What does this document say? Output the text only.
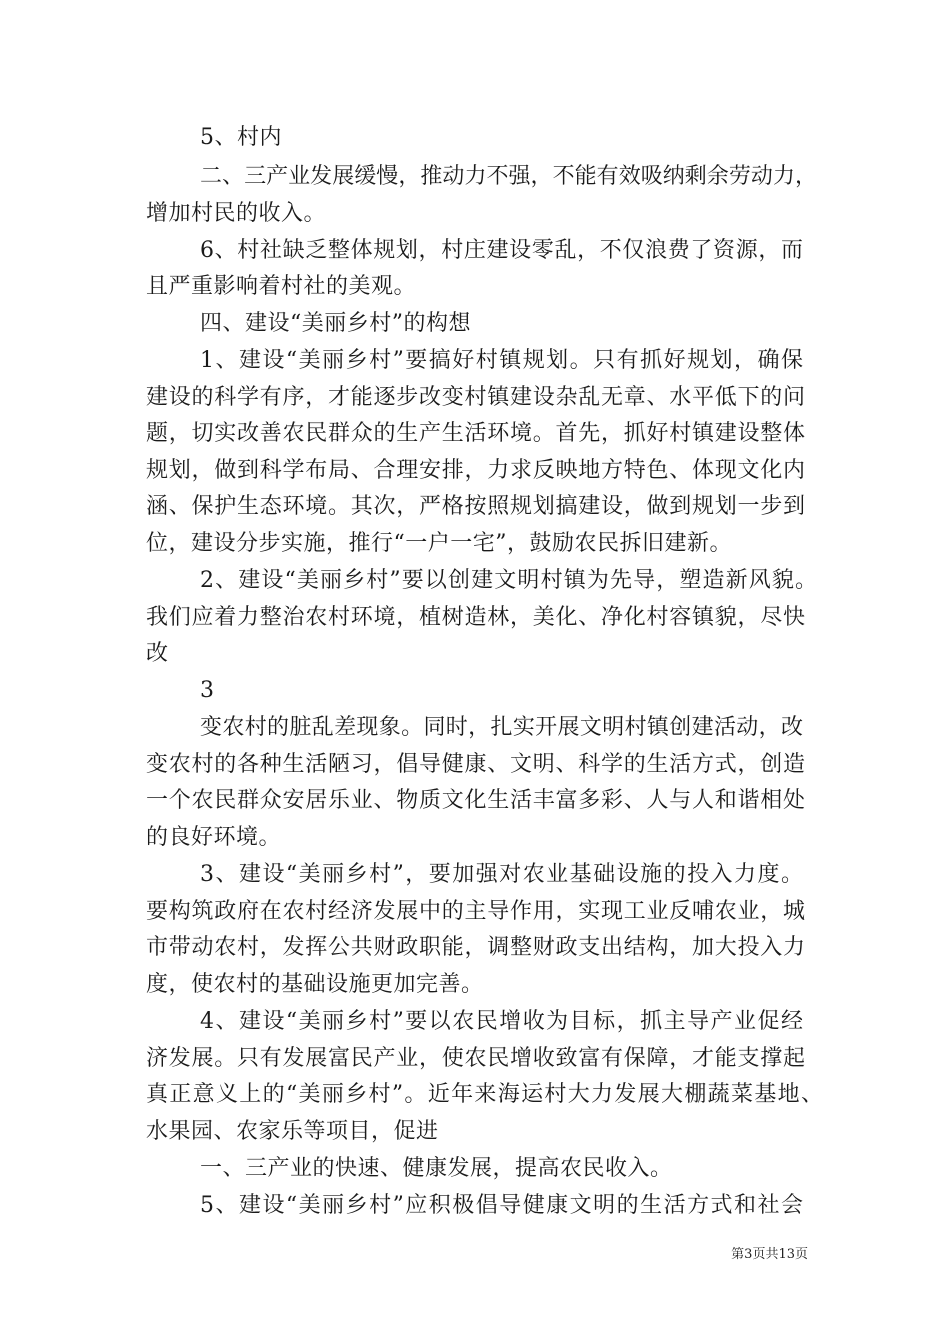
5、村内
二、三产业发展缓慢，推动力不强，不能有效吸纳剩余劳动力，
增加村民的收入。
6、村社缺乏整体规划，村庄建设零乱，不仅浪费了资源，而
且严重影响着村社的美观。
四、建设“美丽乡村”的构想
1、建设“美丽乡村”要搞好村镇规划。只有抓好规划，确保
建设的科学有序，才能逐步改变村镇建设杂乱无章、水平低下的问
题，切实改善农民群众的生产生活环境。首先，抓好村镇建设整体
规划，做到科学布局、合理安排，力求反映地方特色、体现文化内
涵、保护生态环境。其次，严格按照规划搞建设，做到规划一步到
位，建设分步实施，推行“一户一宅”，鼓励农民拆旧建新。
2、建设“美丽乡村”要以创建文明村镇为先导，塑造新风貌。
我们应着力整治农村环境，植树造林，美化、净化村容镇貌，尽快
改
3
变农村的脏乱差现象。同时，扎实开展文明村镇创建活动，改
变农村的各种生活陋习，倡导健康、文明、科学的生活方式，创造
一个农民群众安居乐业、物质文化生活丰富多彩、人与人和谐相处
的良好环境。
3、建设“美丽乡村”，要加强对农业基础设施的投入力度。
要构筑政府在农村经济发展中的主导作用，实现工业反哺农业，城
市带动农村，发挥公共财政职能，调整财政支出结构，加大投入力
度，使农村的基础设施更加完善。
4、建设“美丽乡村”要以农民增收为目标，抓主导产业促经
济发展。只有发展富民产业，使农民增收致富有保障，才能支撑起
真正意义上的“美丽乡村”。近年来海运村大力发展大棚蔬菜基地、
水果园、农家乐等项目，促进
一、三产业的快速、健康发展，提高农民收入。
5、建设“美丽乡村”应积极倡导健康文明的生活方式和社会
第3页共13页
